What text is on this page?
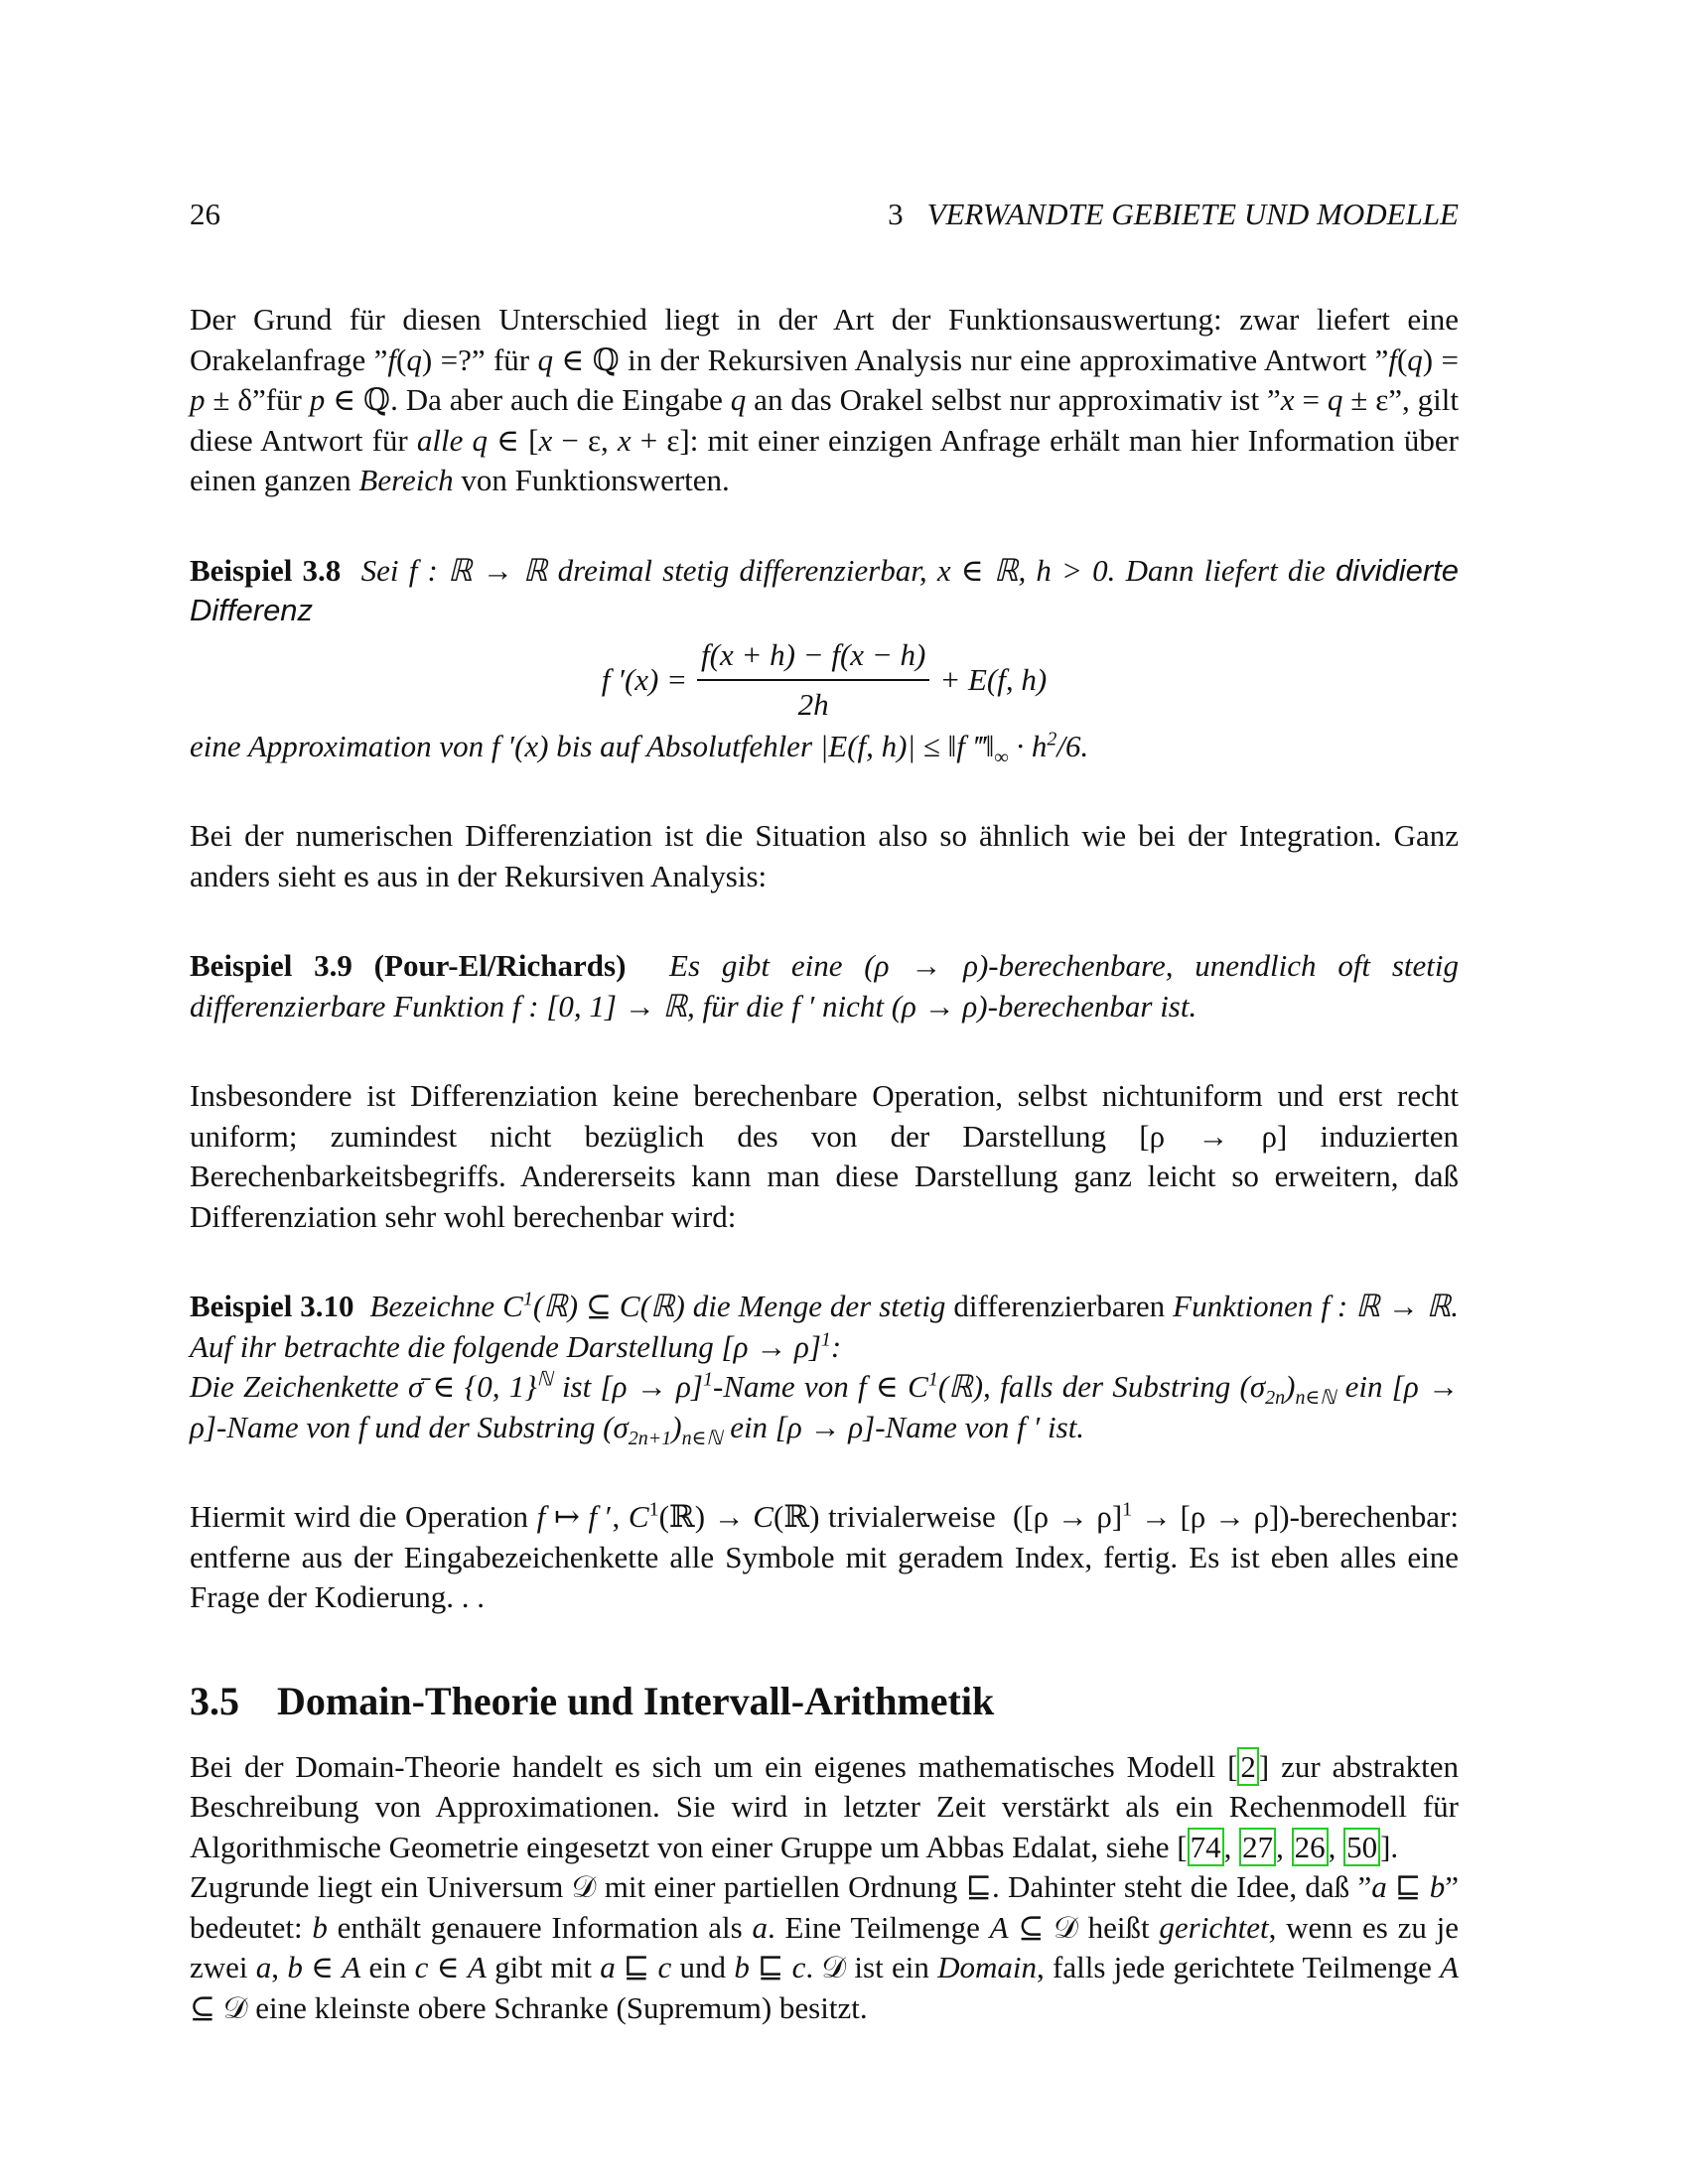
26	3 VERWANDTE GEBIETE UND MODELLE

Der Grund für diesen Unterschied liegt in der Art der Funktionsauswertung: zwar liefert eine Orakelanfrage ”f(q) =?” für q ∈ ℚ in der Rekursiven Analysis nur eine approximative Antwort ”f(q) = p ± δ”für p ∈ ℚ. Da aber auch die Eingabe q an das Orakel selbst nur approximativ ist ”x = q ± ε”, gilt diese Antwort für alle q ∈ [x − ε, x + ε]: mit einer einzigen Anfrage erhält man hier Information über einen ganzen Bereich von Funktionswerten.

Beispiel 3.8  Sei f : ℝ → ℝ dreimal stetig differenzierbar, x ∈ ℝ, h > 0. Dann liefert die dividierte Differenz

f $'(x) = \frac{f(x + h) - f(x - h)}{2h} + E(f$, h)

eine Approximation von f ′(x) bis auf Absolutfehler |E(f, h)| ≤ ‖f $‴‖_\infty \cdot h^2/6$.

Bei der numerischen Differenziation ist die Situation also so ähnlich wie bei der Integration. Ganz anders sieht es aus in der Rekursiven Analysis:

Beispiel 3.9 (Pour-El/Richards)  Es gibt eine (ρ → ρ)-berechenbare, unendlich oft stetig differenzierbare Funktion f : [0, 1] → ℝ, für die f ′ nicht (ρ → ρ)-berechenbar ist.

Insbesondere ist Differenziation keine berechenbare Operation, selbst nichtuniform und erst recht uniform; zumindest nicht bezüglich des von der Darstellung [ρ → ρ] induzierten Berechenbarkeitsbegriffs. Andererseits kann man diese Darstellung ganz leicht so erweitern, daß Differenziation sehr wohl berechenbar wird:

Beispiel 3.10  Bezeichne $C^1(ℝ)$ ⊆ C(ℝ) die Menge der stetig differenzierbaren Funktionen f : ℝ → ℝ. Auf ihr betrachte die folgende Darstellung $[\rho \to \rho]^1$:
Die Zeichenkette σ̄ ∈ {0, 1}$^ℕ$ ist $[\rho \to \rho]^1$-Name von f ∈ $C^1(ℝ)$, falls der Substring $(\sigma_{2n})_{n\in ℕ}$ ein [ρ → ρ]-Name von f und der Substring $(\sigma_{2n+1})_{n\in ℕ}$ ein [ρ → ρ]-Name von f ′ ist.

Hiermit wird die Operation f ↦ f ′, $C^1(ℝ)$ → C(ℝ) trivialerweise  ($[\rho \to \rho]^1 \to [\rho$ → ρ])-berechenbar: entferne aus der Eingabezeichenkette alle Symbole mit geradem Index, fertig. Es ist eben alles eine Frage der Kodierung. . .

3.5 Domain-Theorie und Intervall-Arithmetik

Bei der Domain-Theorie handelt es sich um ein eigenes mathematisches Modell [2] zur abstrakten Beschreibung von Approximationen. Sie wird in letzter Zeit verstärkt als ein Rechenmodell für Algorithmische Geometrie eingesetzt von einer Gruppe um Abbas Edalat, siehe [74, 27, 26, 50].

Zugrunde liegt ein Universum 𝒟 mit einer partiellen Ordnung ⊑. Dahinter steht die Idee, daß ”a ⊑ b” bedeutet: b enthält genauere Information als a. Eine Teilmenge A ⊆ 𝒟 heißt gerichtet, wenn es zu je zwei a, b ∈ A ein c ∈ A gibt mit a ⊑ c und b ⊑ c. 𝒟 ist ein Domain, falls jede gerichtete Teilmenge A ⊆ 𝒟 eine kleinste obere Schranke (Supremum) besitzt.
